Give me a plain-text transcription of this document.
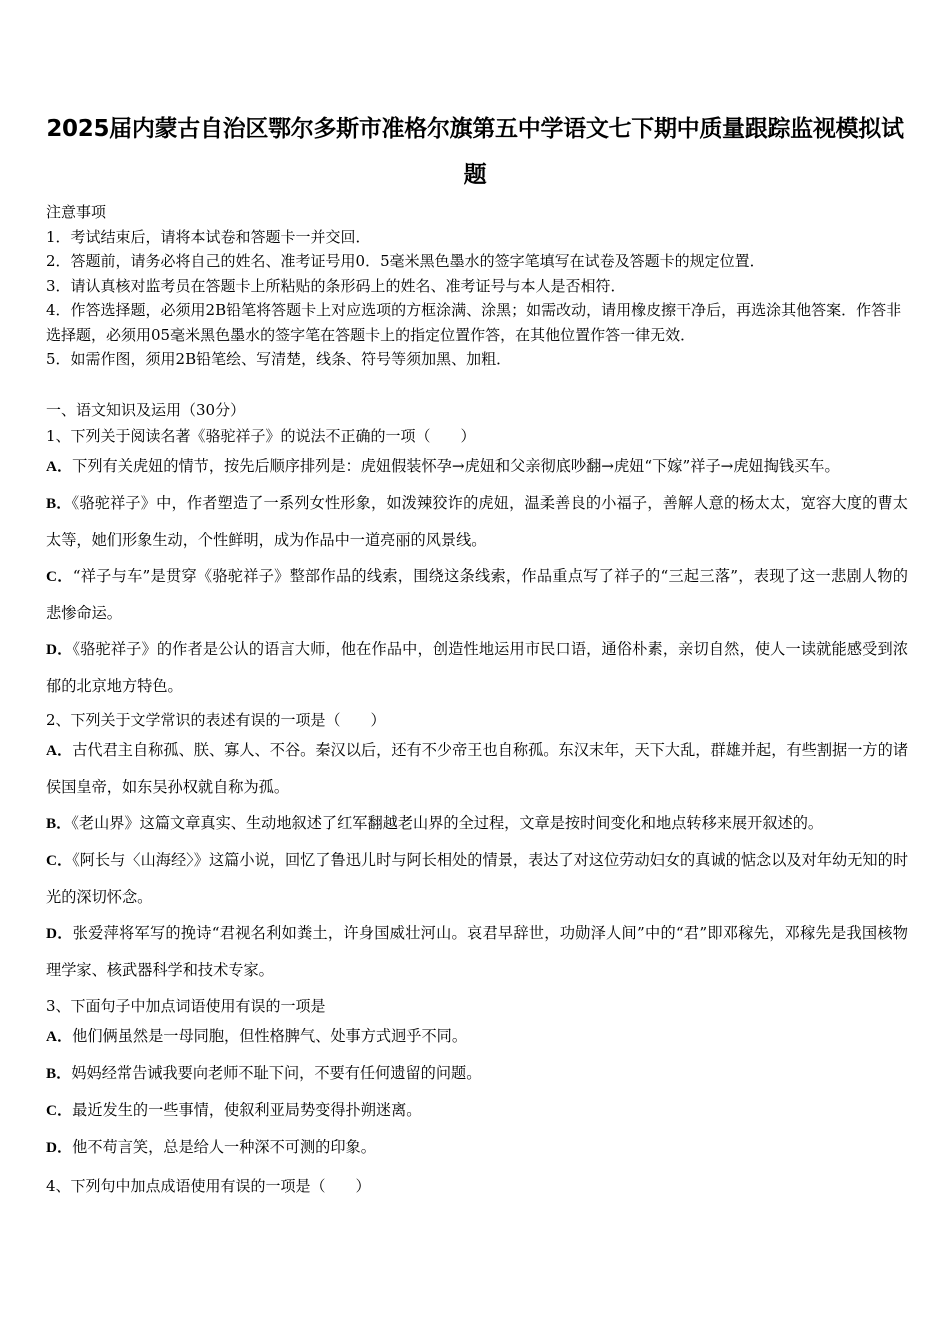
2025届内蒙古自治区鄂尔多斯市准格尔旗第五中学语文七下期中质量跟踪监视模拟试题

注意事项

1．考试结束后，请将本试卷和答题卡一并交回．

2．答题前，请务必将自己的姓名、准考证号用0．5毫米黑色墨水的签字笔填写在试卷及答题卡的规定位置．

3．请认真核对监考员在答题卡上所粘贴的条形码上的姓名、准考证号与本人是否相符．

4．作答选择题，必须用2B铅笔将答题卡上对应选项的方框涂满、涂黑；如需改动，请用橡皮擦干净后，再选涂其他答案．作答非选择题，必须用05毫米黑色墨水的签字笔在答题卡上的指定位置作答，在其他位置作答一律无效．

5．如需作图，须用2B铅笔绘、写清楚，线条、符号等须加黑、加粗．

一、语文知识及运用（30分）

1、下列关于阅读名著《骆驼祥子》的说法不正确的一项（　　）

A．下列有关虎妞的情节，按先后顺序排列是：虎妞假装怀孕→虎妞和父亲彻底吵翻→虎妞“下嫁”祥子→虎妞掏钱买车。

B．《骆驼祥子》中，作者塑造了一系列女性形象，如泼辣狡诈的虎妞，温柔善良的小福子，善解人意的杨太太，宽容大度的曹太太等，她们形象生动，个性鲜明，成为作品中一道亮丽的风景线。

C．“祥子与车”是贯穿《骆驼祥子》整部作品的线索，围绕这条线索，作品重点写了祥子的“三起三落”，表现了这一悲剧人物的悲惨命运。

D．《骆驼祥子》的作者是公认的语言大师，他在作品中，创造性地运用市民口语，通俗朴素，亲切自然，使人一读就能感受到浓郁的北京地方特色。

2、下列关于文学常识的表述有误的一项是（　　）

A．古代君主自称孤、朕、寡人、不谷。秦汉以后，还有不少帝王也自称孤。东汉末年，天下大乱，群雄并起，有些割据一方的诸侯国皇帝，如东吴孙权就自称为孤。

B．《老山界》这篇文章真实、生动地叙述了红军翻越老山界的全过程，文章是按时间变化和地点转移来展开叙述的。

C．《阿长与〈山海经〉》这篇小说，回忆了鲁迅儿时与阿长相处的情景，表达了对这位劳动妇女的真诚的惦念以及对年幼无知的时光的深切怀念。

D．张爱萍将军写的挽诗“君视名利如粪土，许身国威壮河山。哀君早辞世，功勋泽人间”中的“君”即邓稼先，邓稼先是我国核物理学家、核武器科学和技术专家。

3、下面句子中加点词语使用有误的一项是

A．他们俩虽然是一母同胞，但性格脾气、处事方式迥乎不同。

B．妈妈经常告诫我要向老师不耻下问，不要有任何遗留的问题。

C．最近发生的一些事情，使叙利亚局势变得扑朔迷离。

D．他不苟言笑，总是给人一种深不可测的印象。

4、下列句中加点成语使用有误的一项是（　　）
